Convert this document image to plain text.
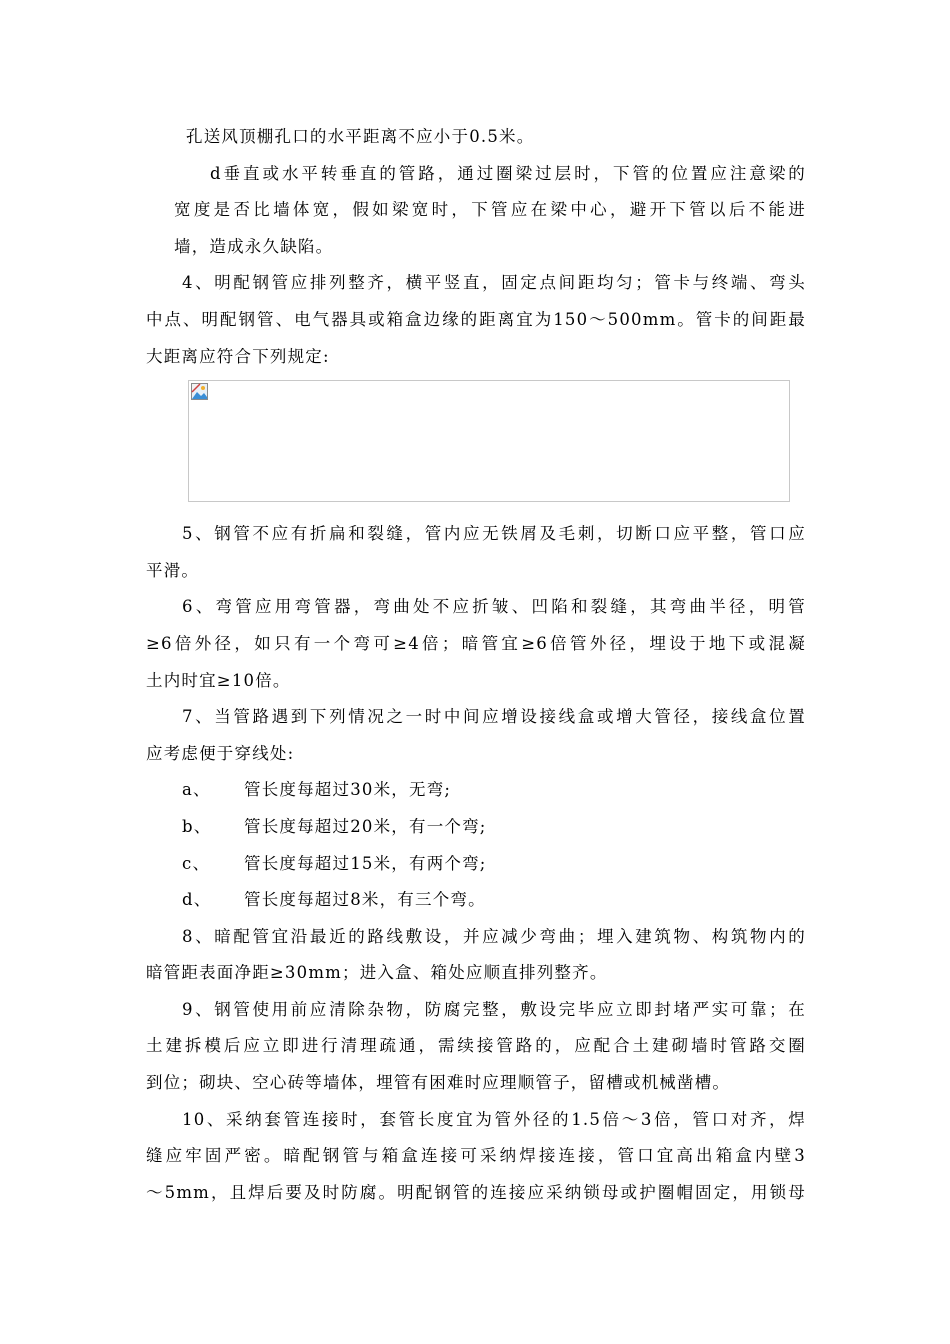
孔送风顶棚孔口的水平距离不应小于0.5米。
d垂直或水平转垂直的管路，通过圈梁过层时，下管的位置应注意梁的
宽度是否比墙体宽，假如梁宽时，下管应在梁中心，避开下管以后不能进
墙，造成永久缺陷。
4、明配钢管应排列整齐，横平竖直，固定点间距均匀；管卡与终端、弯头
中点、明配钢管、电气器具或箱盒边缘的距离宜为150～500mm。管卡的间距最
大距离应符合下列规定:
5、钢管不应有折扁和裂缝，管内应无铁屑及毛刺，切断口应平整，管口应
平滑。
6、弯管应用弯管器，弯曲处不应折皱、凹陷和裂缝，其弯曲半径，明管
≥6倍外径，如只有一个弯可≥4倍；暗管宜≥6倍管外径，埋设于地下或混凝
土内时宜≥10倍。
7、当管路遇到下列情况之一时中间应增设接线盒或增大管径，接线盒位置
应考虑便于穿线处:
a、 管长度每超过30米，无弯;
b、 管长度每超过20米，有一个弯;
c、 管长度每超过15米，有两个弯;
d、 管长度每超过8米，有三个弯。
8、暗配管宜沿最近的路线敷设，并应减少弯曲；埋入建筑物、构筑物内的
暗管距表面净距≥30mm；进入盒、箱处应顺直排列整齐。
9、钢管使用前应清除杂物，防腐完整，敷设完毕应立即封堵严实可靠；在
土建拆模后应立即进行清理疏通，需续接管路的，应配合土建砌墙时管路交圈
到位；砌块、空心砖等墙体，埋管有困难时应理顺管子，留槽或机械凿槽。
10、采纳套管连接时，套管长度宜为管外径的1.5倍～3倍，管口对齐，焊
缝应牢固严密。暗配钢管与箱盒连接可采纳焊接连接，管口宜高出箱盒内壁3
～5mm，且焊后要及时防腐。明配钢管的连接应采纳锁母或护圈帽固定，用锁母
